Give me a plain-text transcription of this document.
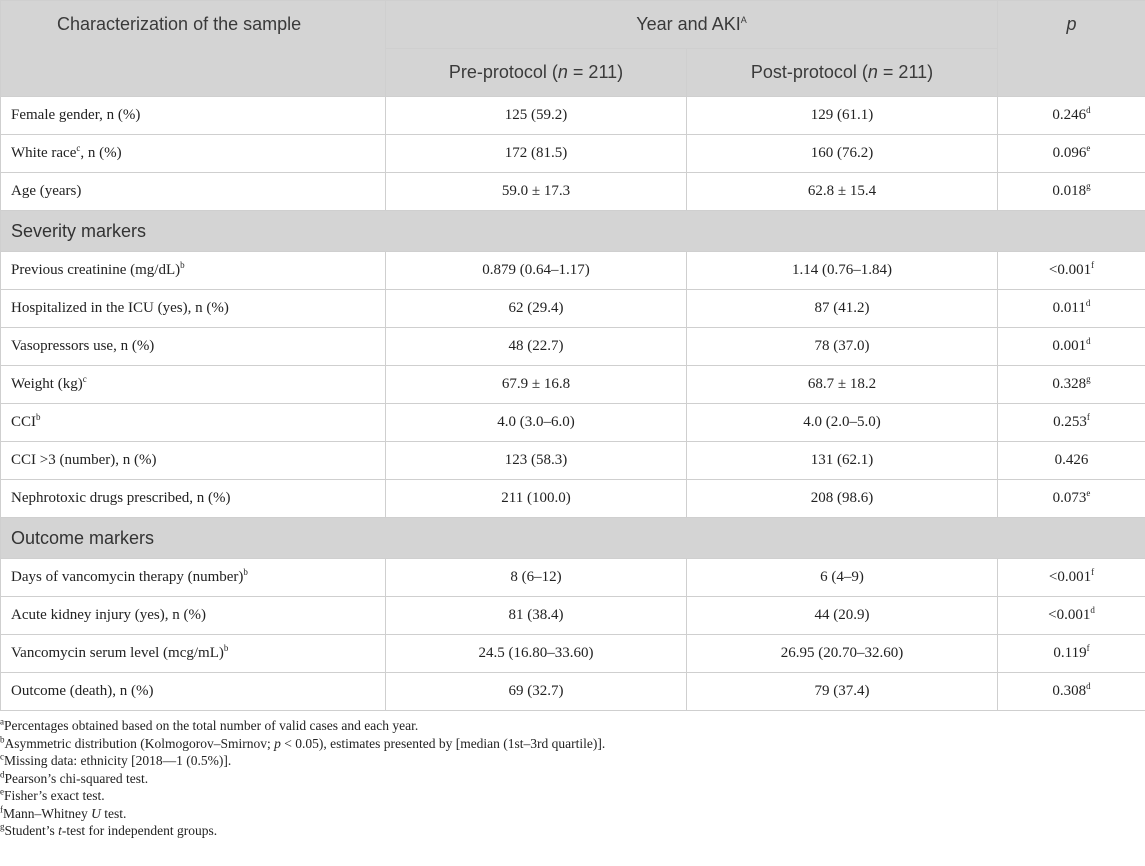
Characterization of the sample	Year and $AKI^A$		p
	Pre-protocol (n = 211)	Post-protocol (n = 211)	
Female gender, n (%)	125 (59.2)	129 (61.1)	0.246$^d$
White race$^c$, n (%)	172 (81.5)	160 (76.2)	0.096e
Age (years)	59.0 ± 17.3	62.8 ± 15.4	0.018$^g$
Severity markers			
Previous creatinine $(mg/dL)^b$	0.879 (0.64–1.17)	1.14 (0.76–1.84)	<0.001$^f$
Hospitalized in the ICU (yes), n (%)	62 (29.4)	87 (41.2)	0.011$^d$
Vasopressors use, n (%)	48 (22.7)	78 (37.0)	0.001$^d$
Weight (kg)$^c$	67.9 ± 16.8	68.7 ± 18.2	0.328$^g$
CCI$^b$	4.0 (3.0–6.0)	4.0 (2.0–5.0)	0.253$^f$
CCI >3 (number), n (%)	123 (58.3)	131 (62.1)	0.426
Nephrotoxic drugs prescribed, n (%)	211 (100.0)	208 (98.6)	0.073e
Outcome markers			
Days of vancomycin therapy (number)$^b$	8 (6–12)	6 (4–9)	<0.001$^f$
Acute kidney injury (yes), n (%)	81 (38.4)	44 (20.9)	<0.001$^d$
Vancomycin serum level $(mcg/mL)^b$	24.5 (16.80–33.60)	26.95 (20.70–32.60)	0.119$^f$
Outcome (death), n (%)	69 (32.7)	79 (37.4)	0.308$^d$
$^a$Percentages obtained based on the total number of valid cases and each year.
$^b$Asymmetric distribution (Kolmogorov–Smirnov; p < 0.05), estimates presented by [median (1st–3rd quartile)].
$^c$Missing data: ethnicity [2018—1 (0.5%)].
$^d$Pearson’s chi-squared test.
$^e$Fisher’s exact test.
$^f$Mann–Whitney U test.
$^g$Student’s t-test for independent groups.
